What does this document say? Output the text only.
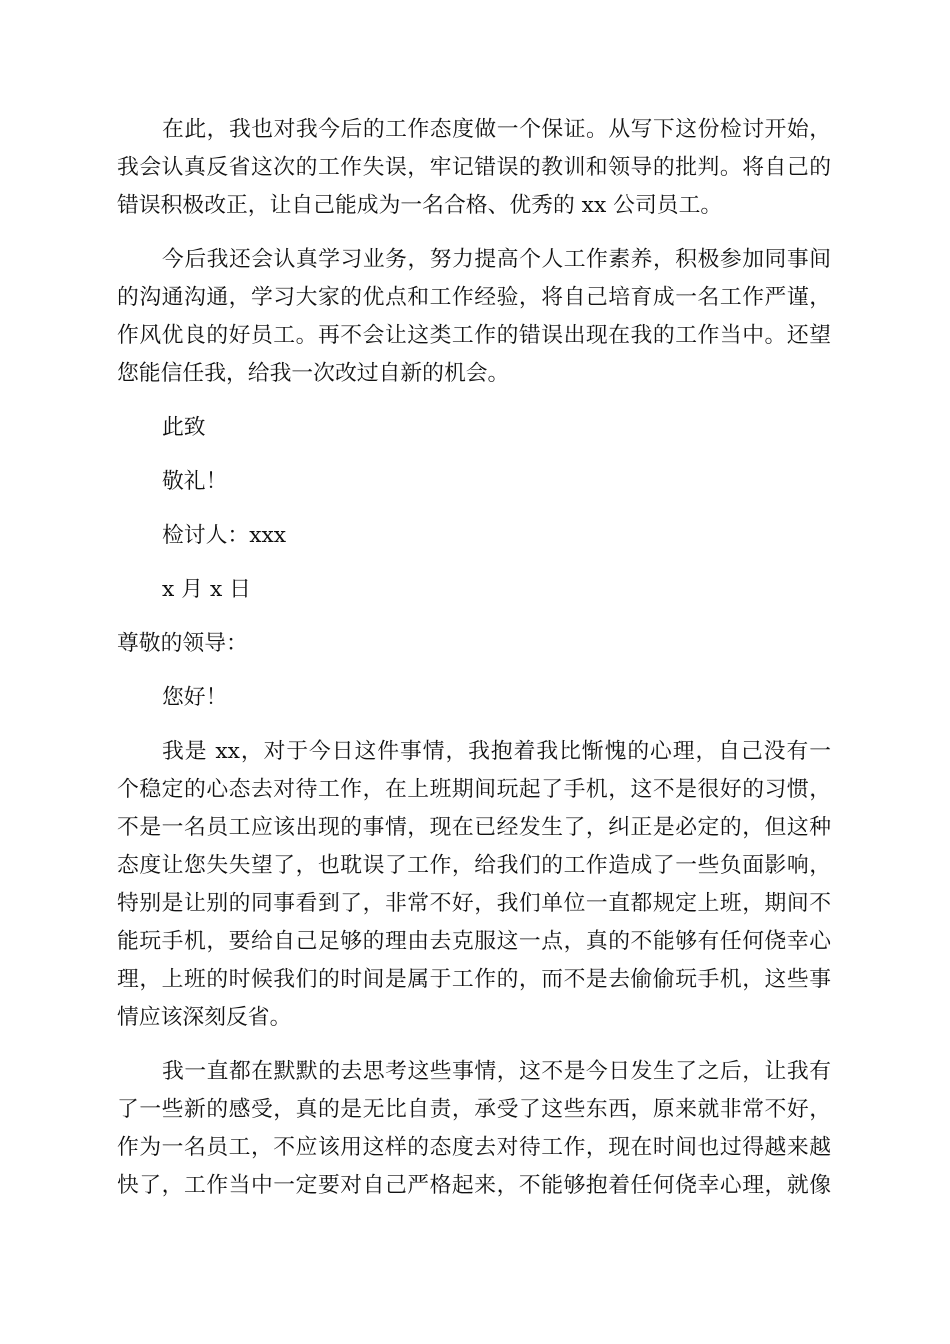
在此，我也对我今后的工作态度做一个保证。从写下这份检讨开始，
我会认真反省这次的工作失误，牢记错误的教训和领导的批判。将自己的
错误积极改正，让自己能成为一名合格、优秀的 xx 公司员工。
今后我还会认真学习业务，努力提高个人工作素养，积极参加同事间
的沟通沟通，学习大家的优点和工作经验，将自己培育成一名工作严谨，
作风优良的好员工。再不会让这类工作的错误出现在我的工作当中。还望
您能信任我，给我一次改过自新的机会。
此致
敬礼！
检讨人：xxx
x 月 x 日
尊敬的领导：
您好！
我是 xx，对于今日这件事情，我抱着我比惭愧的心理，自己没有一
个稳定的心态去对待工作，在上班期间玩起了手机，这不是很好的习惯，
不是一名员工应该出现的事情，现在已经发生了，纠正是必定的，但这种
态度让您失失望了，也耽误了工作，给我们的工作造成了一些负面影响，
特别是让别的同事看到了，非常不好，我们单位一直都规定上班，期间不
能玩手机，要给自己足够的理由去克服这一点，真的不能够有任何侥幸心
理，上班的时候我们的时间是属于工作的，而不是去偷偷玩手机，这些事
情应该深刻反省。
我一直都在默默的去思考这些事情，这不是今日发生了之后，让我有
了一些新的感受，真的是无比自责，承受了这些东西，原来就非常不好，
作为一名员工，不应该用这样的态度去对待工作，现在时间也过得越来越
快了，工作当中一定要对自己严格起来，不能够抱着任何侥幸心理，就像
